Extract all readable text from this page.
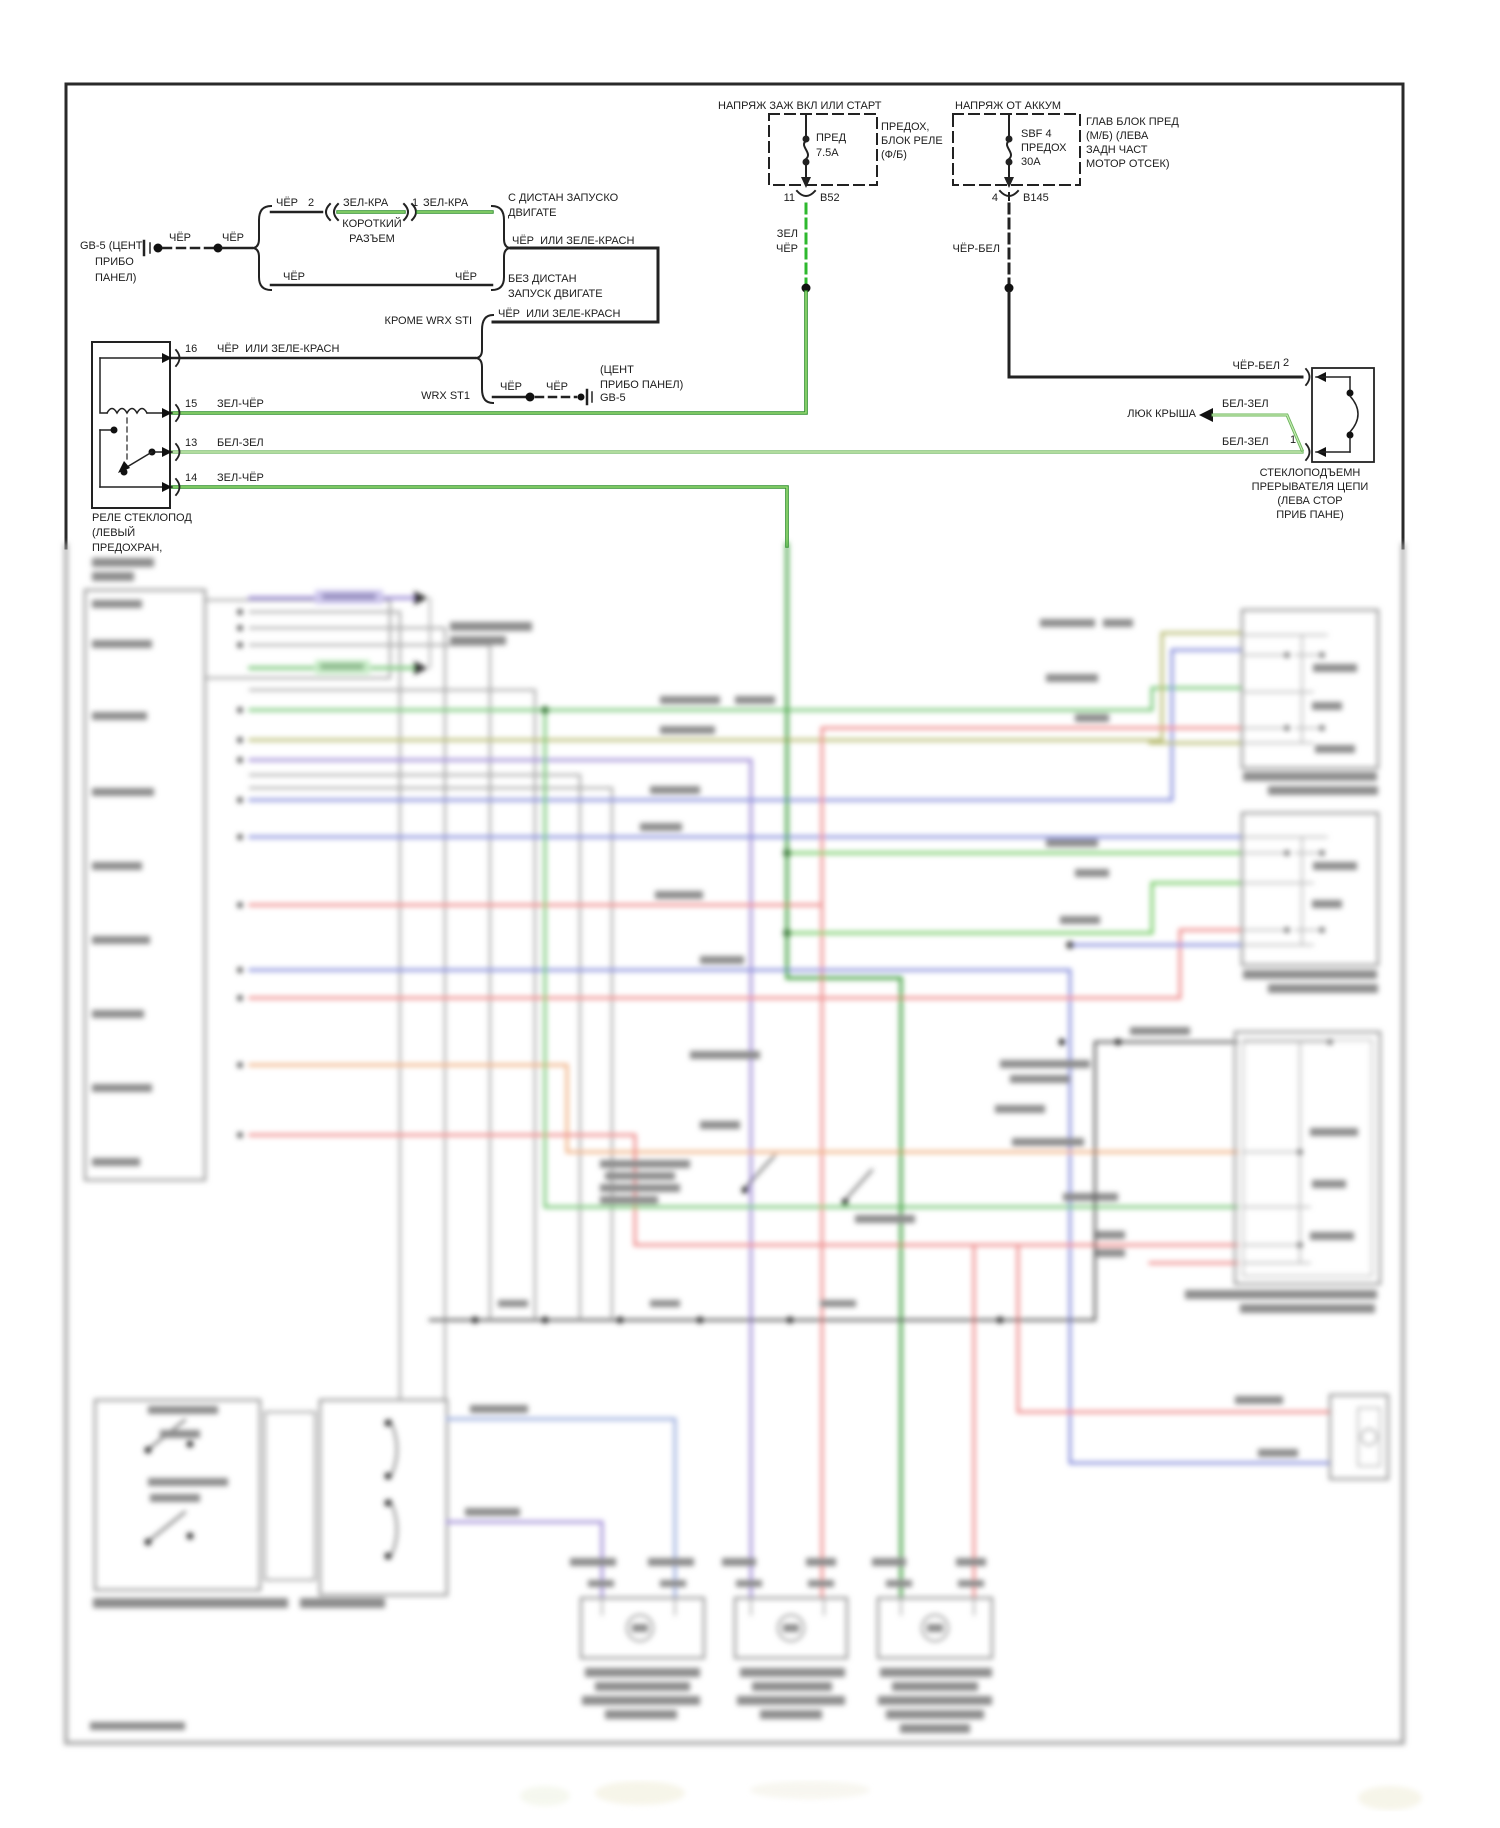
НАПРЯЖ ЗАЖ ВКЛ ИЛИ СТАРТ
ПРЕД
7.5А
ПРЕДОХ,
БЛОК РЕЛЕ
(Ф/Б)
11 B52
ЗЕЛ
ЧЁР
НАПРЯЖ ОТ АККУМ
SBF 4
ПРЕДОХ
30А
ГЛАВ БЛОК ПРЕД
(М/Б) (ЛЕВА
ЗАДН ЧАСТ
МОТОР ОТСЕК)
4 B145
ЧЁР-БЕЛ
GB-5 (ЦЕНТ
ПРИБО
ПАНЕЛ)
ЧЁР	ЧЁР
ЧЁР 2	ЗЕЛ-КРА 1 ЗЕЛ-КРА
КОРОТКИЙ
РАЗЪЕМ
ЧЁР	ЧЁР
С ДИСТАН ЗАПУСКО
ДВИГАТЕ
ЧЁР  ИЛИ ЗЕЛЕ-КРАСН
БЕЗ ДИСТАН
ЗАПУСК ДВИГАТЕ
ЧЁР  ИЛИ ЗЕЛЕ-КРАСН
КРОМЕ WRX STI
WRX ST1
ЧЁР	ЧЁР
(ЦЕНТ
ПРИБО ПАНЕЛ)
GB-5
16 ЧЁР  ИЛИ ЗЕЛЕ-КРАСН
15 ЗЕЛ-ЧЁР
13 БЕЛ-ЗЕЛ
14 ЗЕЛ-ЧЁР
РЕЛЕ СТЕКЛОПОД
(ЛЕВЫЙ
ПРЕДОХРАН,
ЧЁР-БЕЛ 2
ЛЮК КРЫША
БЕЛ-ЗЕЛ
БЕЛ-ЗЕЛ 1
СТЕКЛОПОДЪЕМН
ПРЕРЫВАТЕЛЯ ЦЕПИ
(ЛЕВА СТОР
ПРИБ ПАНЕ)
